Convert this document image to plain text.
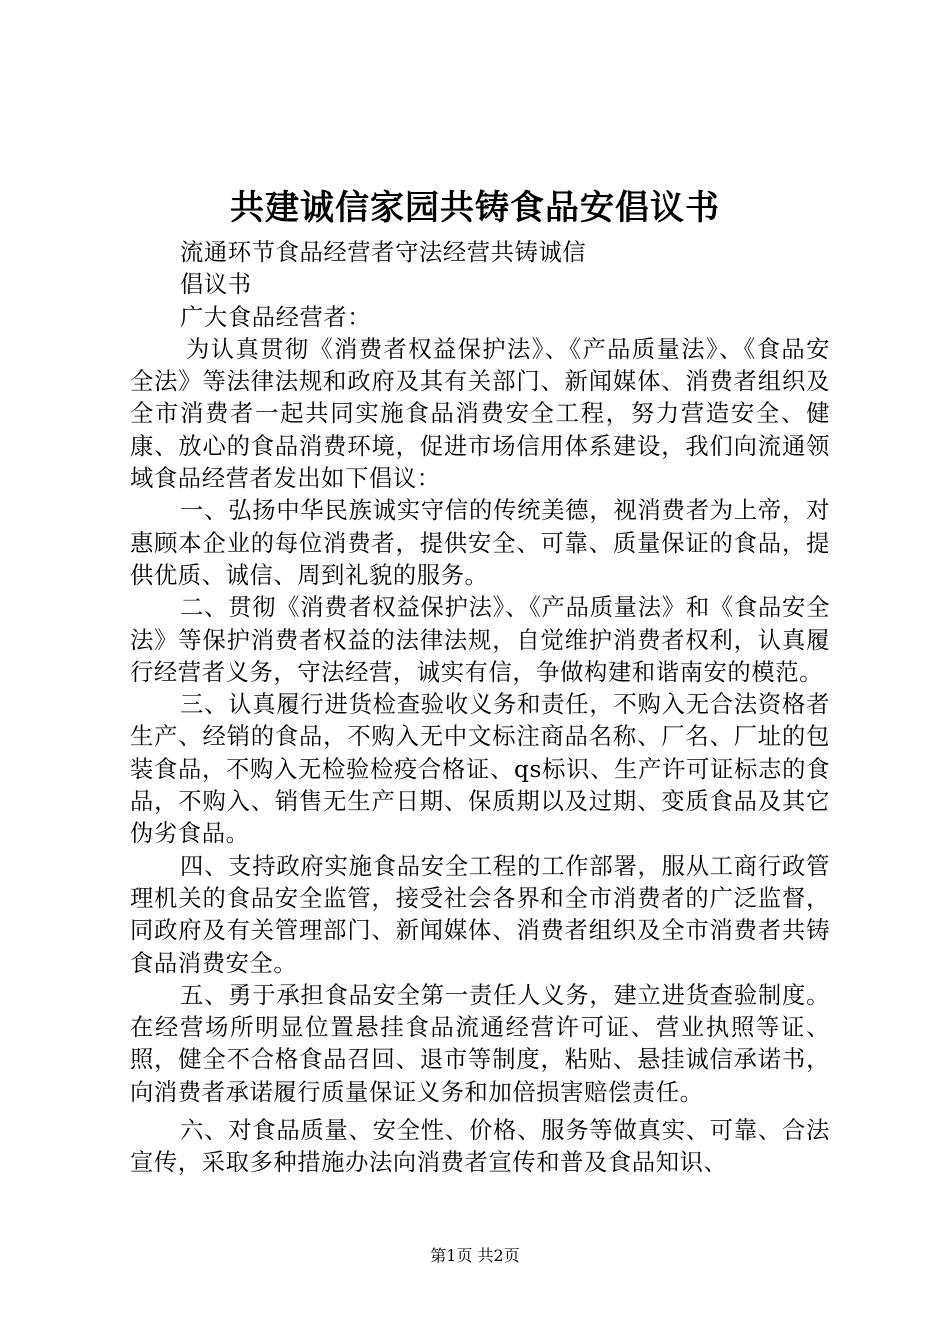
共建诚信家园共铸食品安倡议书

流通环节食品经营者守法经营共铸诚信

倡议书

广大食品经营者：

为认真贯彻《消费者权益保护法》、《产品质量法》、《食品安全法》等法律法规和政府及其有关部门、新闻媒体、消费者组织及全市消费者一起共同实施食品消费安全工程，努力营造安全、健康、放心的食品消费环境，促进市场信用体系建设，我们向流通领域食品经营者发出如下倡议：

一、弘扬中华民族诚实守信的传统美德，视消费者为上帝，对惠顾本企业的每位消费者，提供安全、可靠、质量保证的食品，提供优质、诚信、周到礼貌的服务。

二、贯彻《消费者权益保护法》、《产品质量法》和《食品安全法》等保护消费者权益的法律法规，自觉维护消费者权利，认真履行经营者义务，守法经营，诚实有信，争做构建和谐南安的模范。

三、认真履行进货检查验收义务和责任，不购入无合法资格者生产、经销的食品，不购入无中文标注商品名称、厂名、厂址的包装食品，不购入无检验检疫合格证、qs标识、生产许可证标志的食品，不购入、销售无生产日期、保质期以及过期、变质食品及其它伪劣食品。

四、支持政府实施食品安全工程的工作部署，服从工商行政管理机关的食品安全监管，接受社会各界和全市消费者的广泛监督，同政府及有关管理部门、新闻媒体、消费者组织及全市消费者共铸食品消费安全。

五、勇于承担食品安全第一责任人义务，建立进货查验制度。在经营场所明显位置悬挂食品流通经营许可证、营业执照等证、照，健全不合格食品召回、退市等制度，粘贴、悬挂诚信承诺书，向消费者承诺履行质量保证义务和加倍损害赔偿责任。

六、对食品质量、安全性、价格、服务等做真实、可靠、合法宣传，采取多种措施办法向消费者宣传和普及食品知识、

第1页 共2页
